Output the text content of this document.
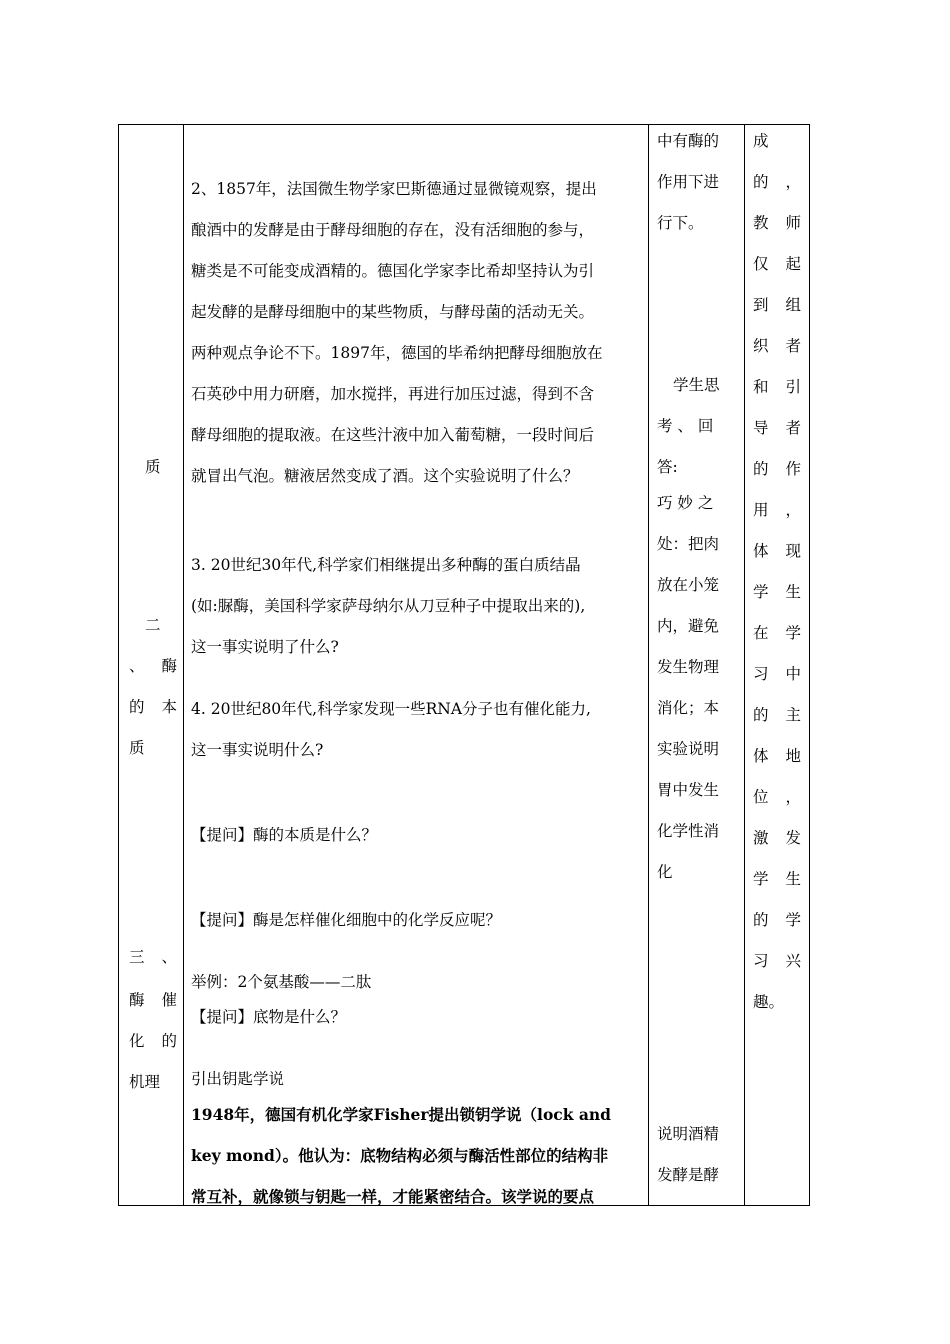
质
二
、 酶
的 本
质
三 、
酶 催
化 的
机理
2、1857年，法国微生物学家巴斯德通过显微镜观察，提出
酿酒中的发酵是由于酵母细胞的存在，没有活细胞的参与，
糖类是不可能变成酒精的。德国化学家李比希却坚持认为引
起发酵的是酵母细胞中的某些物质，与酵母菌的活动无关。
两种观点争论不下。1897年，德国的毕希纳把酵母细胞放在
石英砂中用力研磨，加水搅拌，再进行加压过滤，得到不含
酵母细胞的提取液。在这些汁液中加入葡萄糖，一段时间后
就冒出气泡。糖液居然变成了酒。这个实验说明了什么？
3. 20世纪30年代,科学家们相继提出多种酶的蛋白质结晶
(如:脲酶，美国科学家萨母纳尔从刀豆种子中提取出来的),
这一事实说明了什么?
4. 20世纪80年代,科学家发现一些RNA分子也有催化能力,
这一事实说明什么?
【提问】酶的本质是什么？
【提问】酶是怎样催化细胞中的化学反应呢？
举例：2个氨基酸——二肽
【提问】底物是什么？
引出钥匙学说
1948年，德国有机化学家Fisher提出锁钥学说（lock and
key mond）。他认为：底物结构必须与酶活性部位的结构非
常互补，就像锁与钥匙一样，才能紧密结合。该学说的要点
中有酶的
作用下进
行下。
学生思
考 、 回
答:
巧 妙 之
处：把肉
放在小笼
内，避免
发生物理
消化；本
实验说明
胃中发生
化学性消
化
说明酒精
发酵是酵
成
的 ，
教 师
仅 起
到 组
织 者
和 引
导 者
的 作
用 ，
体 现
学 生
在 学
习 中
的 主
体 地
位 ，
激 发
学 生
的 学
习 兴
趣。
